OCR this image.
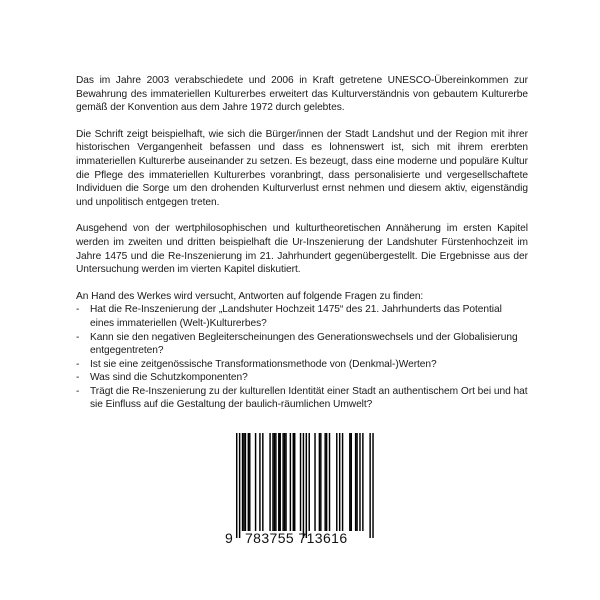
Das im Jahre 2003 verabschiedete und 2006 in Kraft getretene UNESCO-Übereinkommen zur Bewahrung des immateriellen Kulturerbes erweitert das Kulturverständnis von gebautem Kulturerbe gemäß der Konvention aus dem Jahre 1972 durch gelebtes.

Die Schrift zeigt beispielhaft, wie sich die Bürger/innen der Stadt Landshut und der Region mit ihrer historischen Vergangenheit befassen und dass es lohnenswert ist, sich mit ihrem ererbten immateriellen Kulturerbe auseinander zu setzen. Es bezeugt, dass eine moderne und populäre Kultur die Pflege des immateriellen Kulturerbes voranbringt, dass personalisierte und vergesellschaftete Individuen die Sorge um den drohenden Kulturverlust ernst nehmen und diesem aktiv, eigenständig und unpolitisch entgegen treten.

Ausgehend von der wertphilosophischen und kulturtheoretischen Annäherung im ersten Kapitel werden im zweiten und dritten beispielhaft die Ur-Inszenierung der Landshuter Fürstenhochzeit im Jahre 1475 und die Re-Inszenierung im 21. Jahrhundert gegenübergestellt. Die Ergebnisse aus der Untersuchung werden im vierten Kapitel diskutiert.

An Hand des Werkes wird versucht, Antworten auf folgende Fragen zu finden:

- Hat die Re-Inszenierung der „Landshuter Hochzeit 1475“ des 21. Jahrhunderts das Potential eines immateriellen (Welt-)Kulturerbes?
- Kann sie den negativen Begleiterscheinungen des Generationswechsels und der Globalisierung entgegentreten?
- Ist sie eine zeitgenössische Transformationsmethode von (Denkmal-)Werten?
- Was sind die Schutzkomponenten?
- Trägt die Re-Inszenierung zu der kulturellen Identität einer Stadt an authentischem Ort bei und hat sie Einfluss auf die Gestaltung der baulich-räumlichen Umwelt?
9 783755 713616
